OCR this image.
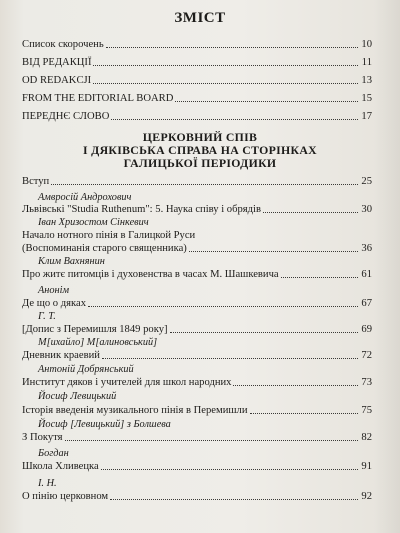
ЗМІСТ
Список скорочень	10
ВІД РЕДАКЦІЇ	11
OD REDAKCJI	13
FROM THE EDITORIAL BOARD	15
ПЕРЕДНЄ СЛОВО	17
ЦЕРКОВНИЙ СПІВ
І ДЯКІВСЬКА СПРАВА НА СТОРІНКАХ
ГАЛИЦЬКОЇ ПЕРІОДИКИ
Вступ	25
Амвросій Андрохович
Львівські "Studia Ruthenum": 5. Наука співу і обрядів	30
Іван Хризостом Сінкевич
Начало нотного пінія в Галицкой Руси
(Воспоминанія старого священника)	36
Клим Вахнянин
Про житє питомців і духовенства в часах М. Шашкевича	61
Анонім
Де що о дяках	67
Г. Т.
[Допис з Перемишля 1849 року]	69
М[ихайло] М[алиновський]
Дневник краевий	72
Антоній Добрянський
Институт дяков і учителей для школ народних	73
Йосиф Левицький
Історія введенія музикального пінія в Перемишли	75
Йосиф [Левицький] з Болшева
З Покутя	82
Богдан
Школа Хливецка	91
І. Н.
О пінію церковном	92
